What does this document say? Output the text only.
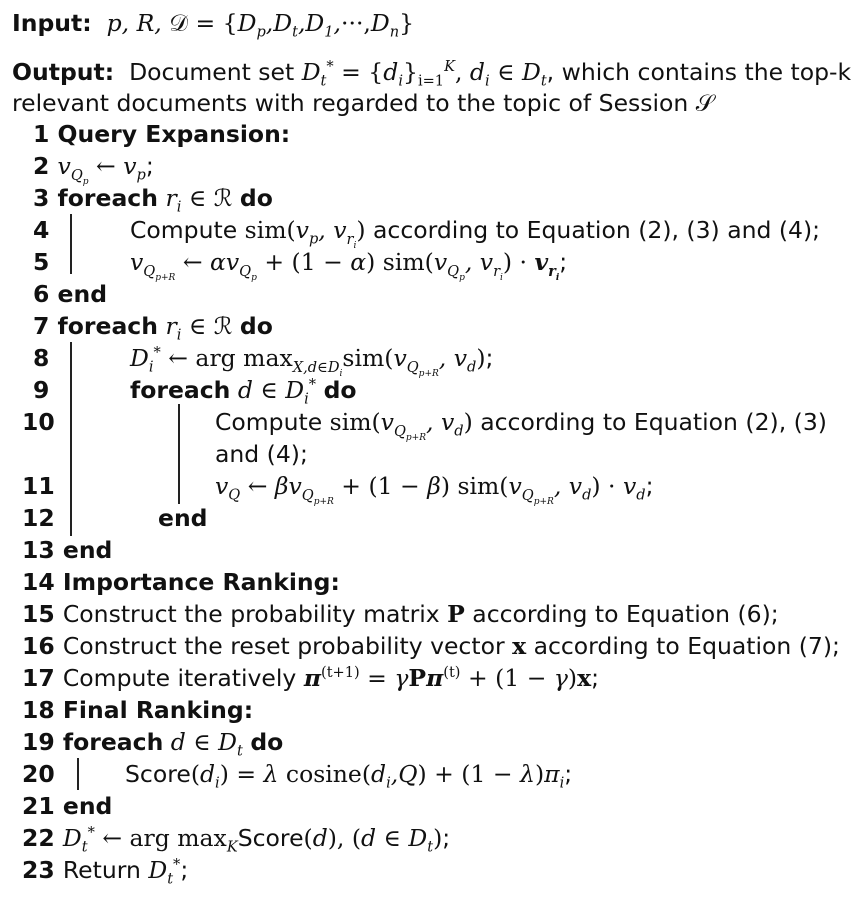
Input:  p, R, 𝒟 = $\{D_p,D_t,D_1,\cdot\cdot\cdot,D_n\}$
Output:  Document set $D_t^* = \{d_i\}_{i=1}^K$, $d_i$ ∈ $D_t$, which contains the top-k
relevant documents with regarded to the topic of Session 𝒮
1 Query Expansion:
2 $v_{Q_p}$ ← $v_p$;
3 foreach $r_i$ ∈ ℛ do
4	Compute $sim(v_p$, $v_{r_i}$) according to Equation (2), (3) and (4);
5	$v_{Q_{p+R}}$ ← $\alpha v_{Q_p} + (1 - \alpha)$ $sim(v_{Q_p}$, $v_{r_i}) \cdot v_{r_i}$;
6 end
7 foreach $r_i$ ∈ ℛ do
8	$D_i^*$ ← arg $\max_{X,d\in D_i}sim(v_{Q_{p+R}}$, $v_d$);
9	foreach d ∈ $D_i^*$ do
10	Compute $sim(v_{Q_{p+R}}$, $v_d$) according to Equation (2), (3)
and (4);
11	$v_Q$ ← $\beta v_{Q_{p+R}} + (1 - \beta)$ $sim(v_{Q_{p+R}}$, $v_d) \cdot v_d$;
12	end
13 end
14 Importance Ranking:
15 Construct the probability matrix P according to Equation (6);
16 Construct the reset probability vector x according to Equation (7);
17 Compute iteratively $\pi^{(t+1)} = \gamma P\pi^{(t)} + (1 - \gamma)x$;
18 Final Ranking:
19 foreach d ∈ $D_t$ do
20	$Score(d_i) = \lambda$ $cosine(d_i,Q) + (1 - \lambda)\pi_i$;
21 end
22 $D_t^*$ ← arg $\max_KScore(d)$, (d ∈ $D_t$);
23 Return $D_t^*$;
